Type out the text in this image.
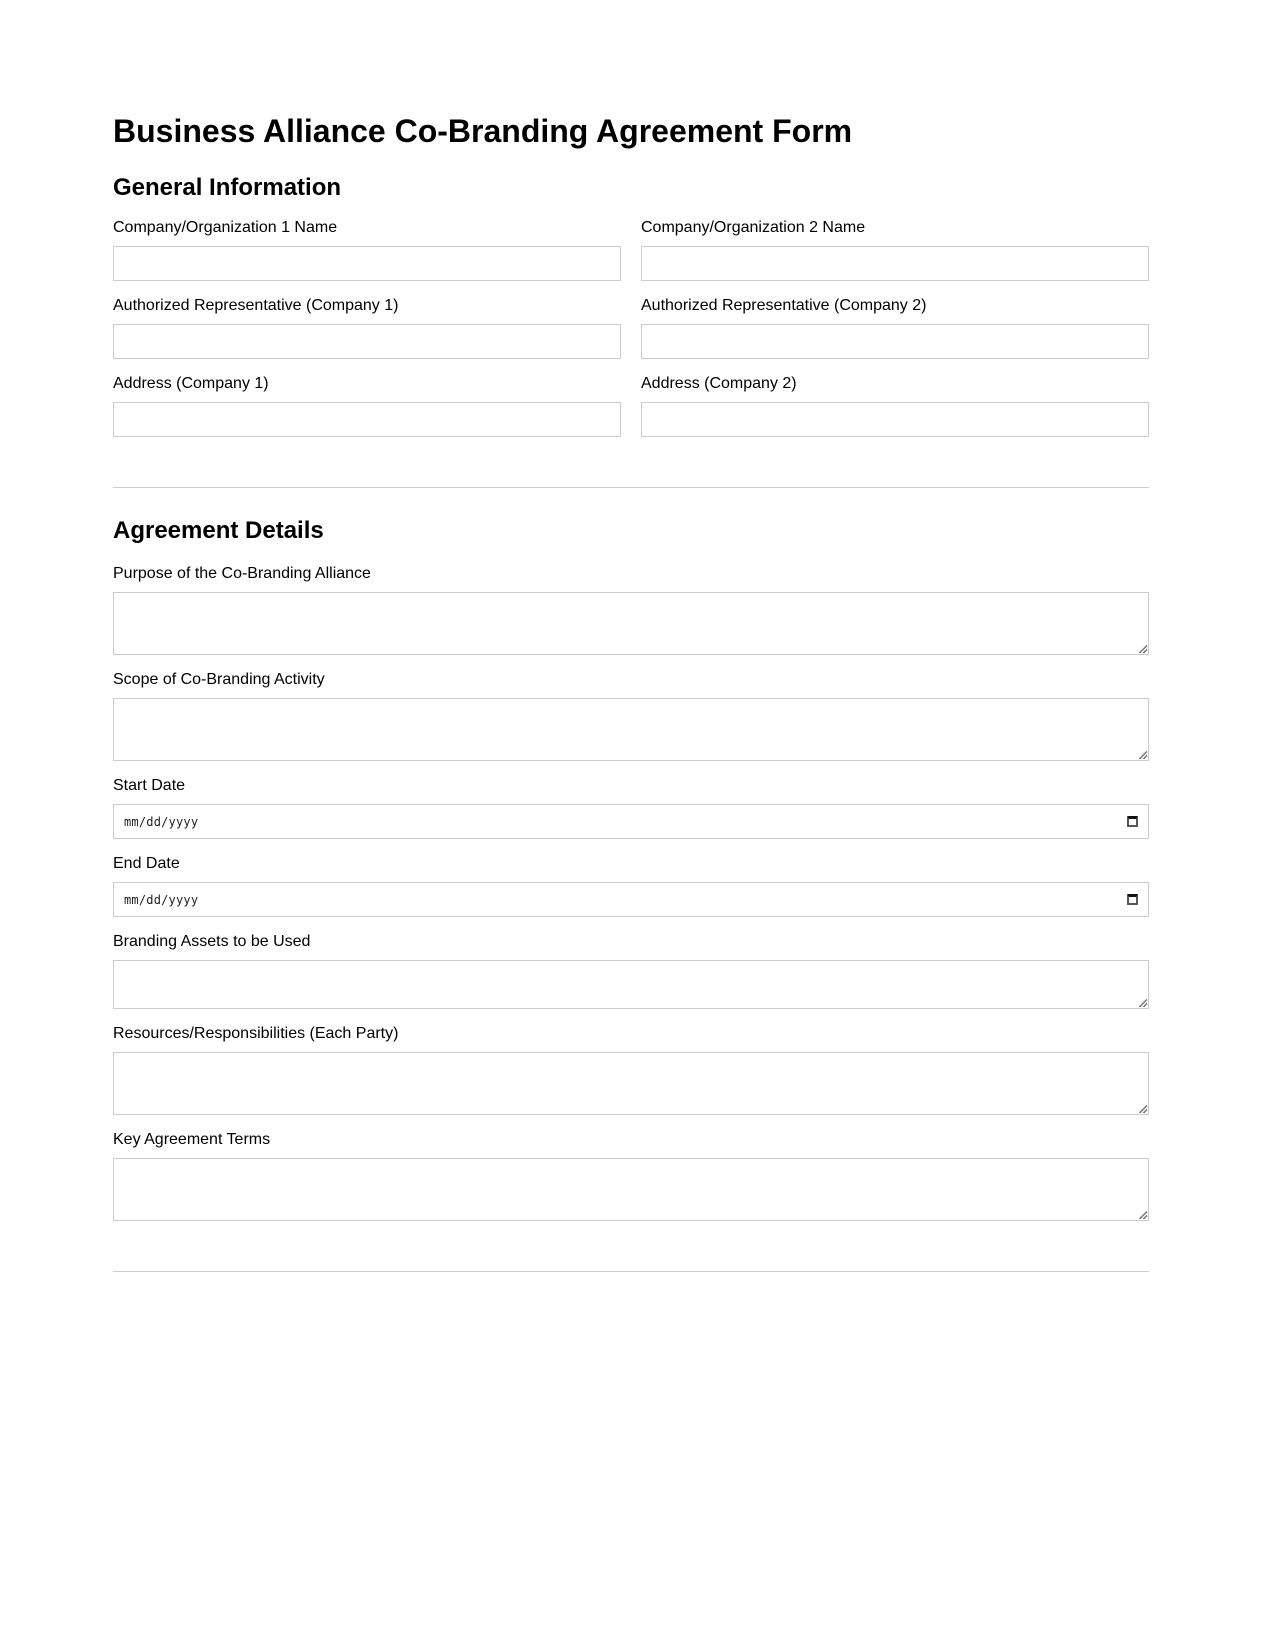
Business Alliance Co-Branding Agreement Form
General Information
Company/Organization 1 Name	Company/Organization 2 Name
Authorized Representative (Company 1)	Authorized Representative (Company 2)
Address (Company 1)	Address (Company 2)
Agreement Details
Purpose of the Co-Branding Alliance
Scope of Co-Branding Activity
Start Date
mm/dd/yyyy
End Date
mm/dd/yyyy
Branding Assets to be Used
Resources/Responsibilities (Each Party)
Key Agreement Terms
